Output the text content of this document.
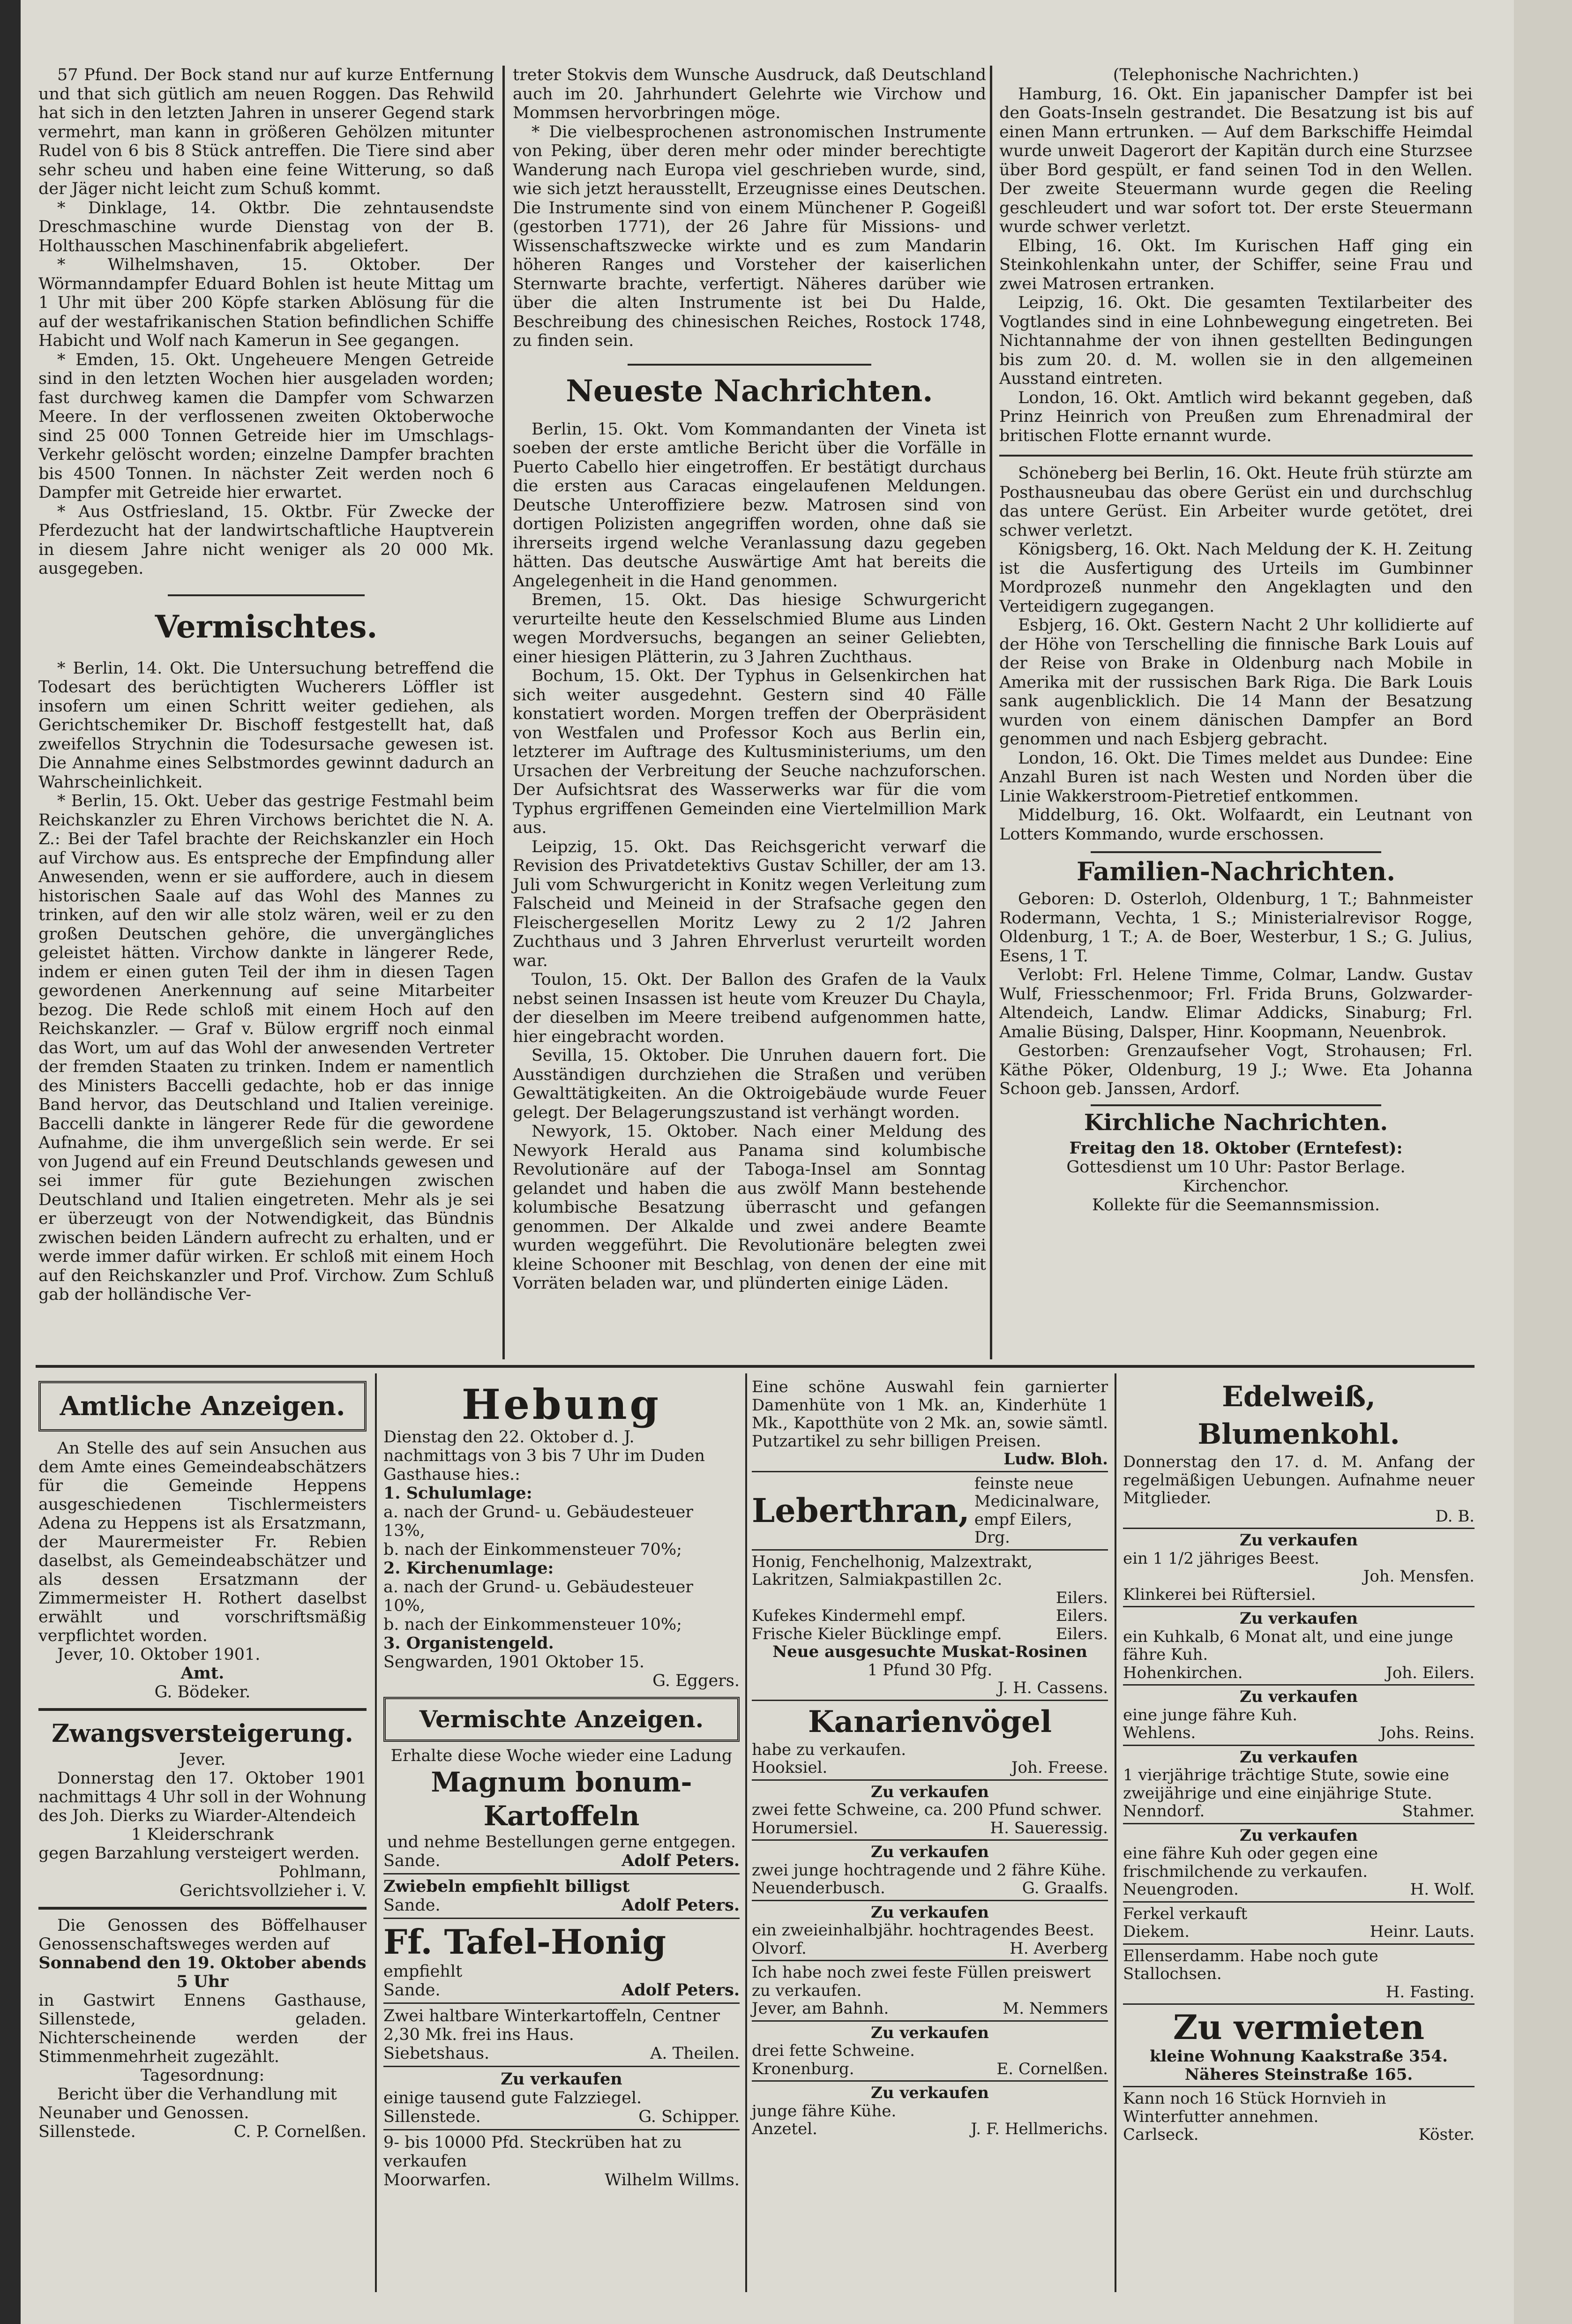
57 Pfund. Der Bock stand nur auf kurze Entfernung und that sich gütlich am neuen Roggen. Das Rehwild hat sich in den letzten Jahren in unserer Gegend stark vermehrt, man kann in größeren Gehölzen mitunter Rudel von 6 bis 8 Stück antreffen. Die Tiere sind aber sehr scheu und haben eine feine Witterung, so daß der Jäger nicht leicht zum Schuß kommt.

* Dinklage, 14. Oktbr. Die zehntausendste Dreschmaschine wurde Dienstag von der B. Holthausschen Maschinenfabrik abgeliefert.

* Wilhelmshaven, 15. Oktober. Der Wörmanndampfer Eduard Bohlen ist heute Mittag um 1 Uhr mit über 200 Köpfe starken Ablösung für die auf der westafrikanischen Station befindlichen Schiffe Habicht und Wolf nach Kamerun in See gegangen.

* Emden, 15. Okt. Ungeheuere Mengen Getreide sind in den letzten Wochen hier ausgeladen worden; fast durchweg kamen die Dampfer vom Schwarzen Meere. In der verflossenen zweiten Oktoberwoche sind 25 000 Tonnen Getreide hier im Umschlags-Verkehr gelöscht worden; einzelne Dampfer brachten bis 4500 Tonnen. In nächster Zeit werden noch 6 Dampfer mit Getreide hier erwartet.

* Aus Ostfriesland, 15. Oktbr. Für Zwecke der Pferdezucht hat der landwirtschaftliche Hauptverein in diesem Jahre nicht weniger als 20 000 Mk. ausgegeben.

Vermischtes.

* Berlin, 14. Okt. Die Untersuchung betreffend die Todesart des berüchtigten Wucherers Löffler ist insofern um einen Schritt weiter gediehen, als Gerichtschemiker Dr. Bischoff festgestellt hat, daß zweifellos Strychnin die Todesursache gewesen ist. Die Annahme eines Selbstmordes gewinnt dadurch an Wahrscheinlichkeit.

* Berlin, 15. Okt. Ueber das gestrige Festmahl beim Reichskanzler zu Ehren Virchows berichtet die N. A. Z.: Bei der Tafel brachte der Reichskanzler ein Hoch auf Virchow aus. Es entspreche der Empfindung aller Anwesenden, wenn er sie auffordere, auch in diesem historischen Saale auf das Wohl des Mannes zu trinken, auf den wir alle stolz wären, weil er zu den großen Deutschen gehöre, die unvergängliches geleistet hätten. Virchow dankte in längerer Rede, indem er einen guten Teil der ihm in diesen Tagen gewordenen Anerkennung auf seine Mitarbeiter bezog. Die Rede schloß mit einem Hoch auf den Reichskanzler. — Graf v. Bülow ergriff noch einmal das Wort, um auf das Wohl der anwesenden Vertreter der fremden Staaten zu trinken. Indem er namentlich des Ministers Baccelli gedachte, hob er das innige Band hervor, das Deutschland und Italien vereinige. Baccelli dankte in längerer Rede für die gewordene Aufnahme, die ihm unvergeßlich sein werde. Er sei von Jugend auf ein Freund Deutschlands gewesen und sei immer für gute Beziehungen zwischen Deutschland und Italien eingetreten. Mehr als je sei er überzeugt von der Notwendigkeit, das Bündnis zwischen beiden Ländern aufrecht zu erhalten, und er werde immer dafür wirken. Er schloß mit einem Hoch auf den Reichskanzler und Prof. Virchow. Zum Schluß gab der holländische Ver-

treter Stokvis dem Wunsche Ausdruck, daß Deutschland auch im 20. Jahrhundert Gelehrte wie Virchow und Mommsen hervorbringen möge.

* Die vielbesprochenen astronomischen Instrumente von Peking, über deren mehr oder minder berechtigte Wanderung nach Europa viel geschrieben wurde, sind, wie sich jetzt herausstellt, Erzeugnisse eines Deutschen. Die Instrumente sind von einem Münchener P. Gogeißl (gestorben 1771), der 26 Jahre für Missions- und Wissenschaftszwecke wirkte und es zum Mandarin höheren Ranges und Vorsteher der kaiserlichen Sternwarte brachte, verfertigt. Näheres darüber wie über die alten Instrumente ist bei Du Halde, Beschreibung des chinesischen Reiches, Rostock 1748, zu finden sein.

Neueste Nachrichten.

Berlin, 15. Okt. Vom Kommandanten der Vineta ist soeben der erste amtliche Bericht über die Vorfälle in Puerto Cabello hier eingetroffen. Er bestätigt durchaus die ersten aus Caracas eingelaufenen Meldungen. Deutsche Unteroffiziere bezw. Matrosen sind von dortigen Polizisten angegriffen worden, ohne daß sie ihrerseits irgend welche Veranlassung dazu gegeben hätten. Das deutsche Auswärtige Amt hat bereits die Angelegenheit in die Hand genommen.

Bremen, 15. Okt. Das hiesige Schwurgericht verurteilte heute den Kesselschmied Blume aus Linden wegen Mordversuchs, begangen an seiner Geliebten, einer hiesigen Plätterin, zu 3 Jahren Zuchthaus.

Bochum, 15. Okt. Der Typhus in Gelsenkirchen hat sich weiter ausgedehnt. Gestern sind 40 Fälle konstatiert worden. Morgen treffen der Oberpräsident von Westfalen und Professor Koch aus Berlin ein, letzterer im Auftrage des Kultusministeriums, um den Ursachen der Verbreitung der Seuche nachzuforschen. Der Aufsichtsrat des Wasserwerks war für die vom Typhus ergriffenen Gemeinden eine Viertelmillion Mark aus.

Leipzig, 15. Okt. Das Reichsgericht verwarf die Revision des Privatdetektivs Gustav Schiller, der am 13. Juli vom Schwurgericht in Konitz wegen Verleitung zum Falscheid und Meineid in der Strafsache gegen den Fleischergesellen Moritz Lewy zu 2 1/2 Jahren Zuchthaus und 3 Jahren Ehrverlust verurteilt worden war.

Toulon, 15. Okt. Der Ballon des Grafen de la Vaulx nebst seinen Insassen ist heute vom Kreuzer Du Chayla, der dieselben im Meere treibend aufgenommen hatte, hier eingebracht worden.

Sevilla, 15. Oktober. Die Unruhen dauern fort. Die Ausständigen durchziehen die Straßen und verüben Gewalttätigkeiten. An die Oktroigebäude wurde Feuer gelegt. Der Belagerungszustand ist verhängt worden.

Newyork, 15. Oktober. Nach einer Meldung des Newyork Herald aus Panama sind kolumbische Revolutionäre auf der Taboga-Insel am Sonntag gelandet und haben die aus zwölf Mann bestehende kolumbische Besatzung überrascht und gefangen genommen. Der Alkalde und zwei andere Beamte wurden weggeführt. Die Revolutionäre belegten zwei kleine Schooner mit Beschlag, von denen der eine mit Vorräten beladen war, und plünderten einige Läden.

(Telephonische Nachrichten.)

Hamburg, 16. Okt. Ein japanischer Dampfer ist bei den Goats-Inseln gestrandet. Die Besatzung ist bis auf einen Mann ertrunken. — Auf dem Barkschiffe Heimdal wurde unweit Dagerort der Kapitän durch eine Sturzsee über Bord gespült, er fand seinen Tod in den Wellen. Der zweite Steuermann wurde gegen die Reeling geschleudert und war sofort tot. Der erste Steuermann wurde schwer verletzt.

Elbing, 16. Okt. Im Kurischen Haff ging ein Steinkohlenkahn unter, der Schiffer, seine Frau und zwei Matrosen ertranken.

Leipzig, 16. Okt. Die gesamten Textilarbeiter des Vogtlandes sind in eine Lohnbewegung eingetreten. Bei Nichtannahme der von ihnen gestellten Bedingungen bis zum 20. d. M. wollen sie in den allgemeinen Ausstand eintreten.

London, 16. Okt. Amtlich wird bekannt gegeben, daß Prinz Heinrich von Preußen zum Ehrenadmiral der britischen Flotte ernannt wurde.

Schöneberg bei Berlin, 16. Okt. Heute früh stürzte am Posthausneubau das obere Gerüst ein und durchschlug das untere Gerüst. Ein Arbeiter wurde getötet, drei schwer verletzt.

Königsberg, 16. Okt. Nach Meldung der K. H. Zeitung ist die Ausfertigung des Urteils im Gumbinner Mordprozeß nunmehr den Angeklagten und den Verteidigern zugegangen.

Esbjerg, 16. Okt. Gestern Nacht 2 Uhr kollidierte auf der Höhe von Terschelling die finnische Bark Louis auf der Reise von Brake in Oldenburg nach Mobile in Amerika mit der russischen Bark Riga. Die Bark Louis sank augenblicklich. Die 14 Mann der Besatzung wurden von einem dänischen Dampfer an Bord genommen und nach Esbjerg gebracht.

London, 16. Okt. Die Times meldet aus Dundee: Eine Anzahl Buren ist nach Westen und Norden über die Linie Wakkerstroom-Pietretief entkommen.

Middelburg, 16. Okt. Wolfaardt, ein Leutnant von Lotters Kommando, wurde erschossen.

Familien-Nachrichten.

Geboren: D. Osterloh, Oldenburg, 1 T.; Bahnmeister Rodermann, Vechta, 1 S.; Ministerialrevisor Rogge, Oldenburg, 1 T.; A. de Boer, Westerbur, 1 S.; G. Julius, Esens, 1 T.

Verlobt: Frl. Helene Timme, Colmar, Landw. Gustav Wulf, Friesschenmoor; Frl. Frida Bruns, Golzwarder-Altendeich, Landw. Elimar Addicks, Sinaburg; Frl. Amalie Büsing, Dalsper, Hinr. Koopmann, Neuenbrok.

Gestorben: Grenzaufseher Vogt, Strohausen; Frl. Käthe Pöker, Oldenburg, 19 J.; Wwe. Eta Johanna Schoon geb. Janssen, Ardorf.

Kirchliche Nachrichten.

Freitag den 18. Oktober (Erntefest):

Gottesdienst um 10 Uhr: Pastor Berlage.

Kirchenchor.

Kollekte für die Seemannsmission.

Amtliche Anzeigen.

An Stelle des auf sein Ansuchen aus dem Amte eines Gemeindeabschätzers für die Gemeinde Heppens ausgeschiedenen Tischlermeisters Adena zu Heppens ist als Ersatzmann, der Maurermeister Fr. Rebien daselbst, als Gemeindeabschätzer und als dessen Ersatzmann der Zimmermeister H. Rothert daselbst erwählt und vorschriftsmäßig verpflichtet worden.

Jever, 10. Oktober 1901.

Amt.

G. Bödeker.

Zwangsversteigerung.

Jever.

Donnerstag den 17. Oktober 1901 nachmittags 4 Uhr soll in der Wohnung des Joh. Dierks zu Wiarder-Altendeich

1 Kleiderschrank

gegen Barzahlung versteigert werden.

Pohlmann,

Gerichtsvollzieher i. V.

Die Genossen des Böffelhauser Genossenschaftsweges werden auf

Sonnabend den 19. Oktober abends 5 Uhr

in Gastwirt Ennens Gasthause, Sillenstede, geladen. Nichterscheinende werden der Stimmenmehrheit zugezählt.

Tagesordnung:

Bericht über die Verhandlung mit Neunaber und Genossen.

Sillenstede.	C. P. Cornelßen.
Hebung

Dienstag den 22. Oktober d. J. nachmittags von 3 bis 7 Uhr im Duden Gasthause hies.:

1. Schulumlage:

a. nach der Grund- u. Gebäudesteuer 13%,

b. nach der Einkommensteuer 70%;

2. Kirchenumlage:

a. nach der Grund- u. Gebäudesteuer 10%,

b. nach der Einkommensteuer 10%;

3. Organistengeld.

Sengwarden, 1901 Oktober 15.

G. Eggers.

Vermischte Anzeigen.

Erhalte diese Woche wieder eine Ladung

Magnum bonum-Kartoffeln

und nehme Bestellungen gerne entgegen.

Sande.	Adolf Peters.

Zwiebeln empfiehlt billigst

Sande.	Adolf Peters.

Ff. Tafel-Honig

empfiehlt

Sande.	Adolf Peters.

Zwei haltbare Winterkartoffeln, Centner 2,30 Mk. frei ins Haus.

Siebetshaus.	A. Theilen.

Zu verkaufen

einige tausend gute Falzziegel.

Sillenstede.	G. Schipper.

9- bis 10000 Pfd. Steckrüben hat zu verkaufen

Moorwarfen.	Wilhelm Willms.

Eine schöne Auswahl fein garnierter Damenhüte von 1 Mk. an, Kinderhüte 1 Mk., Kapotthüte von 2 Mk. an, sowie sämtl. Putzartikel zu sehr billigen Preisen.

Ludw. Bloh.

Leberthran,
feinste neue Medicinalware, empf Eilers, Drg.

Honig, Fenchelhonig, Malzextrakt, Lakritzen, Salmiakpastillen 2c.

Eilers.

Kufekes Kindermehl empf.	Eilers.
Frische Kieler Bücklinge empf.	Eilers.

Neue ausgesuchte Muskat-Rosinen

1 Pfund 30 Pfg.

J. H. Cassens.

Kanarienvögel

habe zu verkaufen.

Hooksiel.	Joh. Freese.

Zu verkaufen

zwei fette Schweine, ca. 200 Pfund schwer.

Horumersiel.	H. Saueressig.

Zu verkaufen

zwei junge hochtragende und 2 fähre Kühe.

Neuenderbusch.	G. Graalfs.

Zu verkaufen

ein zweieinhalbjähr. hochtragendes Beest.

Olvorf.	H. Averberg

Ich habe noch zwei feste Füllen preiswert zu verkaufen.

Jever, am Bahnh.	M. Nemmers

Zu verkaufen

drei fette Schweine.

Kronenburg.	E. Cornelßen.

Zu verkaufen

junge fähre Kühe.

Anzetel.	J. F. Hellmerichs.

Edelweiß, Blumenkohl.

Donnerstag den 17. d. M. Anfang der regelmäßigen Uebungen. Aufnahme neuer Mitglieder.

D. B.

Zu verkaufen

ein 1 1/2 jähriges Beest.

Joh. Mensfen.

Klinkerei bei Rüftersiel.

Zu verkaufen

ein Kuhkalb, 6 Monat alt, und eine junge fähre Kuh.

Hohenkirchen.	Joh. Eilers.

Zu verkaufen

eine junge fähre Kuh.

Wehlens.	Johs. Reins.

Zu verkaufen

1 vierjährige trächtige Stute, sowie eine zweijährige und eine einjährige Stute.

Nenndorf.	Stahmer.

Zu verkaufen

eine fähre Kuh oder gegen eine frischmilchende zu verkaufen.

Neuengroden.	H. Wolf.

Ferkel verkauft

Diekem.	Heinr. Lauts.

Ellenserdamm. Habe noch gute Stallochsen.

H. Fasting.

Zu vermieten

kleine Wohnung Kaakstraße 354.

Näheres Steinstraße 165.

Kann noch 16 Stück Hornvieh in Winterfutter annehmen.

Carlseck.	Köster.
